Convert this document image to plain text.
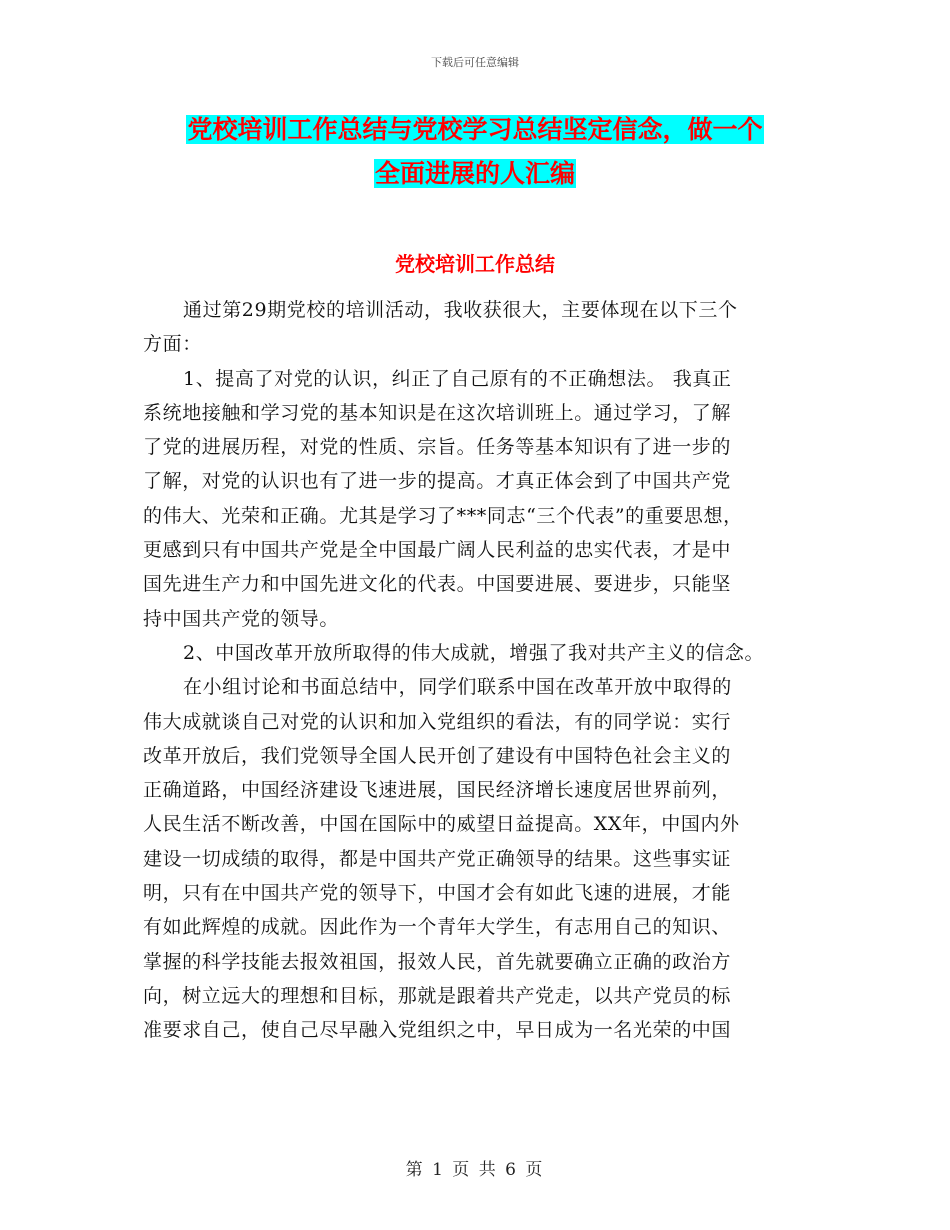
下载后可任意编辑
党校培训工作总结与党校学习总结坚定信念，做一个
全面进展的人汇编
党校培训工作总结
通过第29期党校的培训活动，我收获很大，主要体现在以下三个
方面：
1、提高了对党的认识，纠正了自己原有的不正确想法。 我真正
系统地接触和学习党的基本知识是在这次培训班上。通过学习，了解
了党的进展历程，对党的性质、宗旨。任务等基本知识有了进一步的
了解，对党的认识也有了进一步的提高。才真正体会到了中国共产党
的伟大、光荣和正确。尤其是学习了***同志“三个代表”的重要思想，
更感到只有中国共产党是全中国最广阔人民利益的忠实代表，才是中
国先进生产力和中国先进文化的代表。中国要进展、要进步，只能坚
持中国共产党的领导。
2、中国改革开放所取得的伟大成就，增强了我对共产主义的信念。
在小组讨论和书面总结中，同学们联系中国在改革开放中取得的
伟大成就谈自己对党的认识和加入党组织的看法，有的同学说：实行
改革开放后，我们党领导全国人民开创了建设有中国特色社会主义的
正确道路，中国经济建设飞速进展，国民经济增长速度居世界前列，
人民生活不断改善，中国在国际中的威望日益提高。XX年，中国内外
建设一切成绩的取得，都是中国共产党正确领导的结果。这些事实证
明，只有在中国共产党的领导下，中国才会有如此飞速的进展，才能
有如此辉煌的成就。因此作为一个青年大学生，有志用自己的知识、
掌握的科学技能去报效祖国，报效人民，首先就要确立正确的政治方
向，树立远大的理想和目标，那就是跟着共产党走，以共产党员的标
准要求自己，使自己尽早融入党组织之中，早日成为一名光荣的中国
第 1 页 共 6 页
